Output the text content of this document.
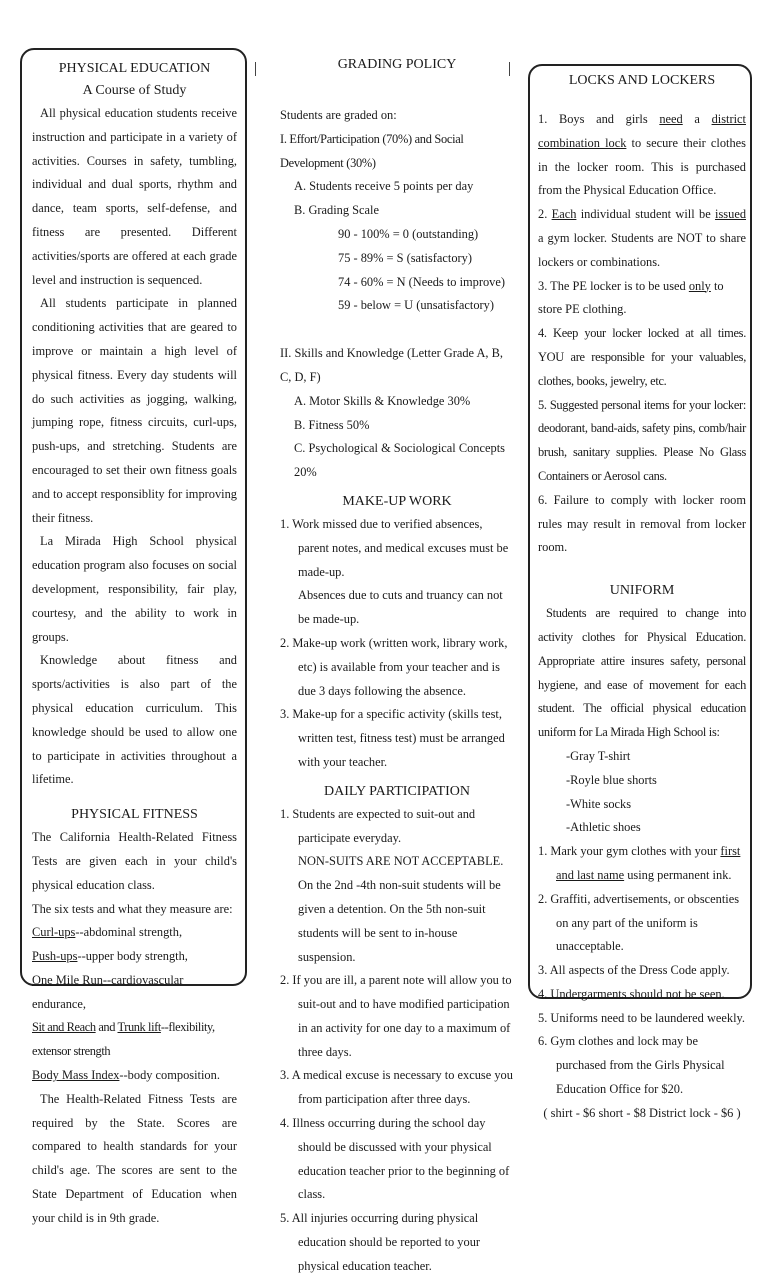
PHYSICAL EDUCATION

A Course of Study

All physical education students receive instruction and participate in a variety of activities. Courses in safety, tumbling, individual and dual sports, rhythm and dance, team sports, self-defense, and fitness are presented. Different activities/sports are offered at each grade level and instruction is sequenced.

All students participate in planned conditioning activities that are geared to improve or maintain a high level of physical fitness. Every day students will do such activities as jogging, walking, jumping rope, fitness circuits, curl-ups, push-ups, and stretching. Students are encouraged to set their own fitness goals and to accept responsiblity for improving their fitness.

La Mirada High School physical education program also focuses on social development, responsibility, fair play, courtesy, and the ability to work in groups.

Knowledge about fitness and sports/activities is also part of the physical education curriculum. This knowledge should be used to allow one to participate in activities throughout a lifetime.

PHYSICAL FITNESS

The California Health-Related Fitness Tests are given each in your child's physical education class.

The six tests and what they measure are:

Curl-ups--abdominal strength,

Push-ups--upper body strength,

One Mile Run--cardiovascular endurance,

Sit and Reach and Trunk lift--flexibility, extensor strength

Body Mass Index--body composition.

The Health-Related Fitness Tests are required by the State. Scores are compared to health standards for your child's age. The scores are sent to the State Department of Education when your child is in 9th grade.

GRADING POLICY

Students are graded on:

I. Effort/Participation (70%) and Social Development (30%)

A. Students receive 5 points per day

B. Grading Scale

90 - 100% = 0 (outstanding)

75 - 89% = S (satisfactory)

74 - 60% = N (Needs to improve)

59 - below = U (unsatisfactory)

II. Skills and Knowledge (Letter Grade A, B, C, D, F)

A. Motor Skills & Knowledge 30%

B. Fitness 50%

C. Psychological & Sociological Concepts 20%

MAKE-UP WORK

1. Work missed due to verified absences, parent notes, and medical excuses must be made-up.

Absences due to cuts and truancy can not be made-up.

2. Make-up work (written work, library work, etc) is available from your teacher and is due 3 days following the absence.

3. Make-up for a specific activity (skills test, written test, fitness test) must be arranged with your teacher.

DAILY PARTICIPATION

1. Students are expected to suit-out and participate everyday.

NON-SUITS ARE NOT ACCEPTABLE. On the 2nd -4th non-suit students will be given a detention. On the 5th non-suit students will be sent to in-house suspension.

2. If you are ill, a parent note will allow you to suit-out and to have modified participation in an activity for one day to a maximum of three days.

3. A medical excuse is necessary to excuse you from participation after three days.

4. Illness occurring during the school day should be discussed with your physical education teacher prior to the beginning of class.

5. All injuries occurring during physical education should be reported to your physical education teacher.

LOCKS AND LOCKERS

1. Boys and girls need a district combination lock to secure their clothes in the locker room. This is purchased from the Physical Education Office.

2. Each individual student will be issued a gym locker. Students are NOT to share lockers or combinations.

3. The PE locker is to be used only to store PE clothing.

4. Keep your locker locked at all times. YOU are responsible for your valuables, clothes, books, jewelry, etc.

5. Suggested personal items for your locker: deodorant, band-aids, safety pins, comb/hair brush, sanitary supplies. Please No Glass Containers or Aerosol cans.

6. Failure to comply with locker room rules may result in removal from locker room.

UNIFORM

Students are required to change into activity clothes for Physical Education. Appropriate attire insures safety, personal hygiene, and ease of movement for each student. The official physical education uniform for La Mirada High School is:

-Gray T-shirt

-Royle blue shorts

-White socks

-Athletic shoes

1. Mark your gym clothes with your first and last name using permanent ink.

2. Graffiti, advertisements, or obscenties on any part of the uniform is unacceptable.

3. All aspects of the Dress Code apply.

4. Undergarments should not be seen.

5. Uniforms need to be laundered weekly.

6. Gym clothes and lock may be purchased from the Girls Physical Education Office for $20.

( shirt - $6 short - $8 District lock - $6 )
